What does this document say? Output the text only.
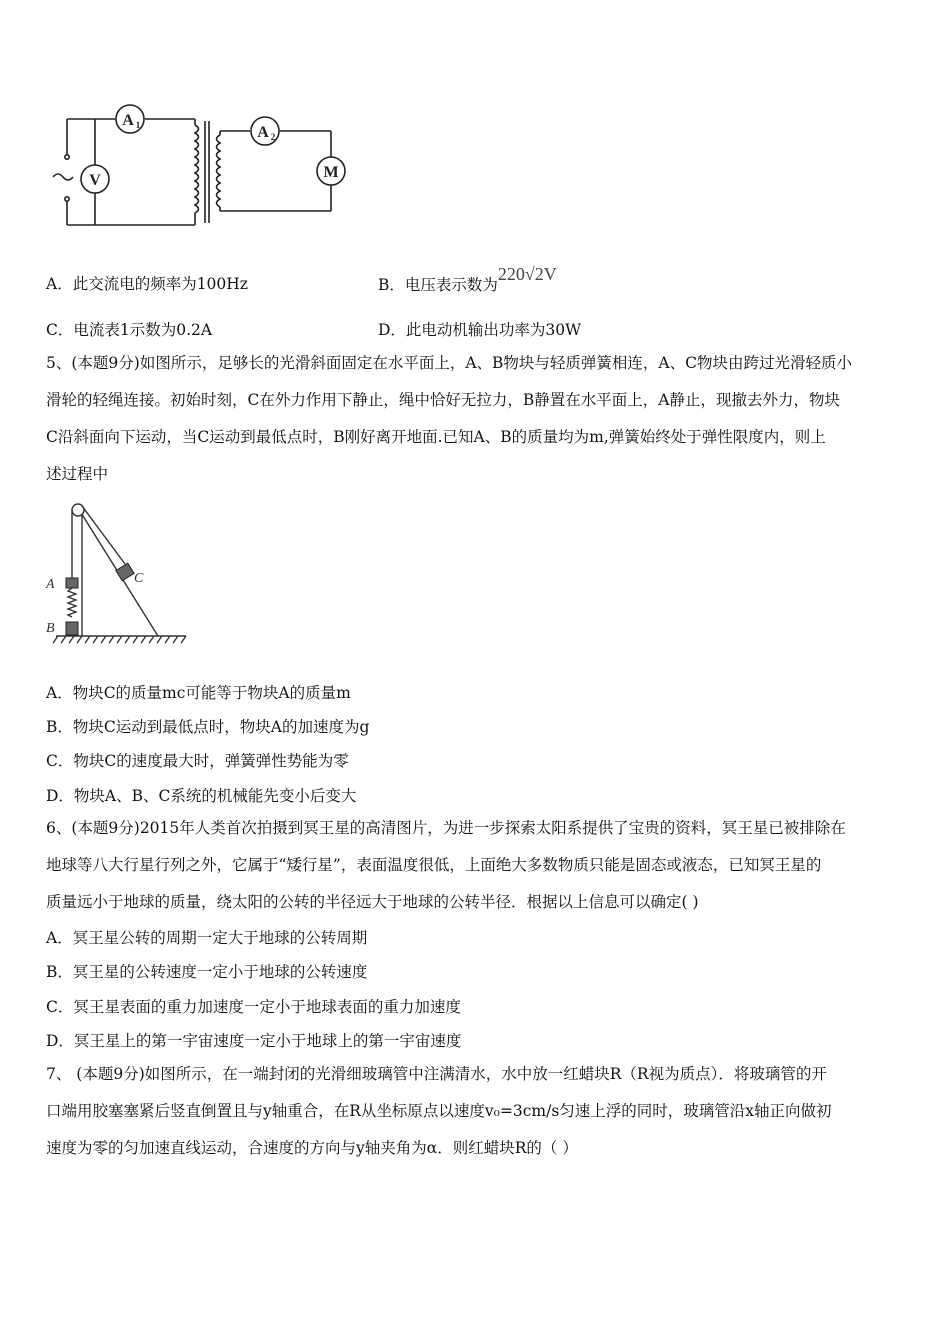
A 1
V
A 2
M
A．此交流电的频率为100Hz	B．电压表示数为220√2V
C．电流表1示数为0.2A	D．此电动机输出功率为30W
5、(本题9分)如图所示，足够长的光滑斜面固定在水平面上，A、B物块与轻质弹簧相连，A、C物块由跨过光滑轻质小
滑轮的轻绳连接。初始时刻，C在外力作用下静止，绳中恰好无拉力，B静置在水平面上，A静止，现撤去外力，物块
C沿斜面向下运动，当C运动到最低点时，B刚好离开地面.已知A、B的质量均为m,弹簧始终处于弹性限度内，则上
述过程中
A
B
C
A．物块C的质量mc可能等于物块A的质量m
B．物块C运动到最低点时，物块A的加速度为g
C．物块C的速度最大时，弹簧弹性势能为零
D．物块A、B、C系统的机械能先变小后变大
6、(本题9分)2015年人类首次拍摄到冥王星的高清图片，为进一步探索太阳系提供了宝贵的资料，冥王星已被排除在
地球等八大行星行列之外，它属于“矮行星”，表面温度很低，上面绝大多数物质只能是固态或液态，已知冥王星的
质量远小于地球的质量，绕太阳的公转的半径远大于地球的公转半径．根据以上信息可以确定( )
A．冥王星公转的周期一定大于地球的公转周期
B．冥王星的公转速度一定小于地球的公转速度
C．冥王星表面的重力加速度一定小于地球表面的重力加速度
D．冥王星上的第一宇宙速度一定小于地球上的第一宇宙速度
7、 (本题9分)如图所示，在一端封闭的光滑细玻璃管中注满清水，水中放一红蜡块R（R视为质点）．将玻璃管的开
口端用胶塞塞紧后竖直倒置且与y轴重合，在R从坐标原点以速度v₀=3cm/s匀速上浮的同时，玻璃管沿x轴正向做初
速度为零的匀加速直线运动，合速度的方向与y轴夹角为α．则红蜡块R的（ ）
